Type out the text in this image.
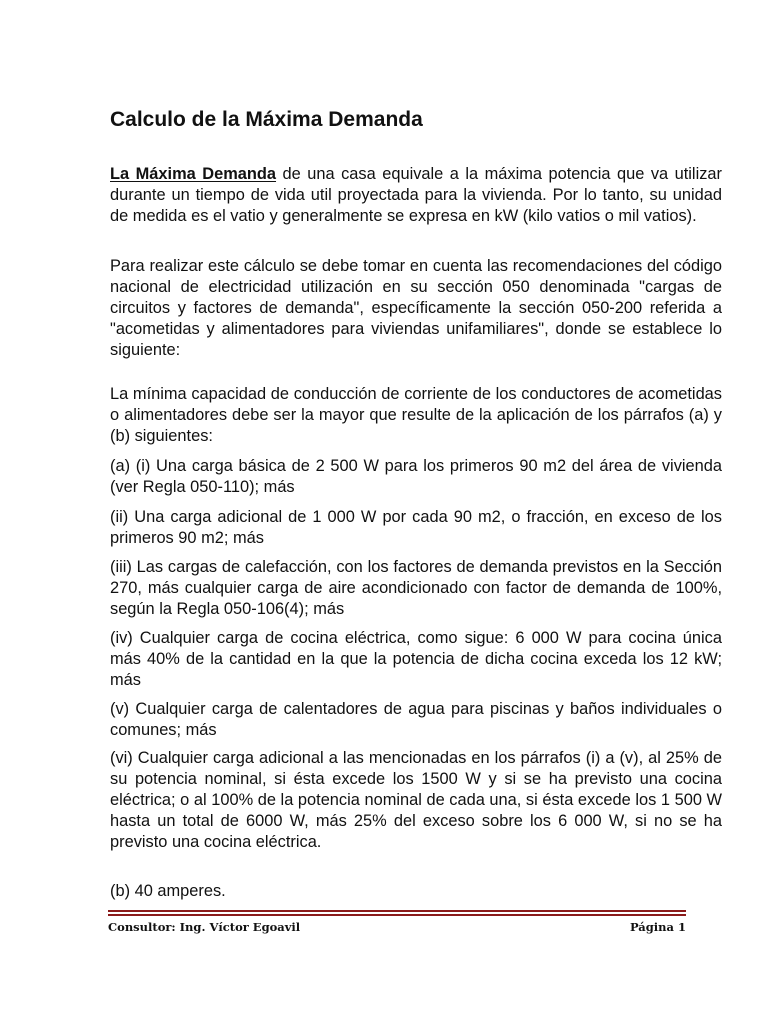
Calculo de la Máxima Demanda

La Máxima Demanda de una casa equivale a la máxima potencia que va utilizar durante un tiempo de vida util proyectada para la vivienda. Por lo tanto, su unidad de medida es el vatio y generalmente se expresa en kW (kilo vatios o mil vatios).

Para realizar este cálculo se debe tomar en cuenta las recomendaciones del código nacional de electricidad utilización en su sección 050 denominada "cargas de circuitos y factores de demanda", específicamente la sección 050-200 referida a "acometidas y alimentadores para viviendas unifamiliares", donde se establece lo siguiente:

La mínima capacidad de conducción de corriente de los conductores de acometidas o alimentadores debe ser la mayor que resulte de la aplicación de los párrafos (a) y (b) siguientes:

(a) (i) Una carga básica de 2 500 W para los primeros 90 m2 del área de vivienda (ver Regla 050-110); más

(ii) Una carga adicional de 1 000 W por cada 90 m2, o fracción, en exceso de los primeros 90 m2; más

(iii) Las cargas de calefacción, con los factores de demanda previstos en la Sección 270, más cualquier carga de aire acondicionado con factor de demanda de 100%, según la Regla 050-106(4); más

(iv) Cualquier carga de cocina eléctrica, como sigue: 6 000 W para cocina única más 40% de la cantidad en la que la potencia de dicha cocina exceda los 12 kW; más

(v) Cualquier carga de calentadores de agua para piscinas y baños individuales o comunes; más

(vi) Cualquier carga adicional a las mencionadas en los párrafos (i) a (v), al 25% de su potencia nominal, si ésta excede los 1500 W y si se ha previsto una cocina eléctrica; o al 100% de la potencia nominal de cada una, si ésta excede los 1 500 W hasta un total de 6000 W, más 25% del exceso sobre los 6 000 W, si no se ha previsto una cocina eléctrica.

(b) 40 amperes.

Consultor: Ing. Víctor Egoavil	Página 1
